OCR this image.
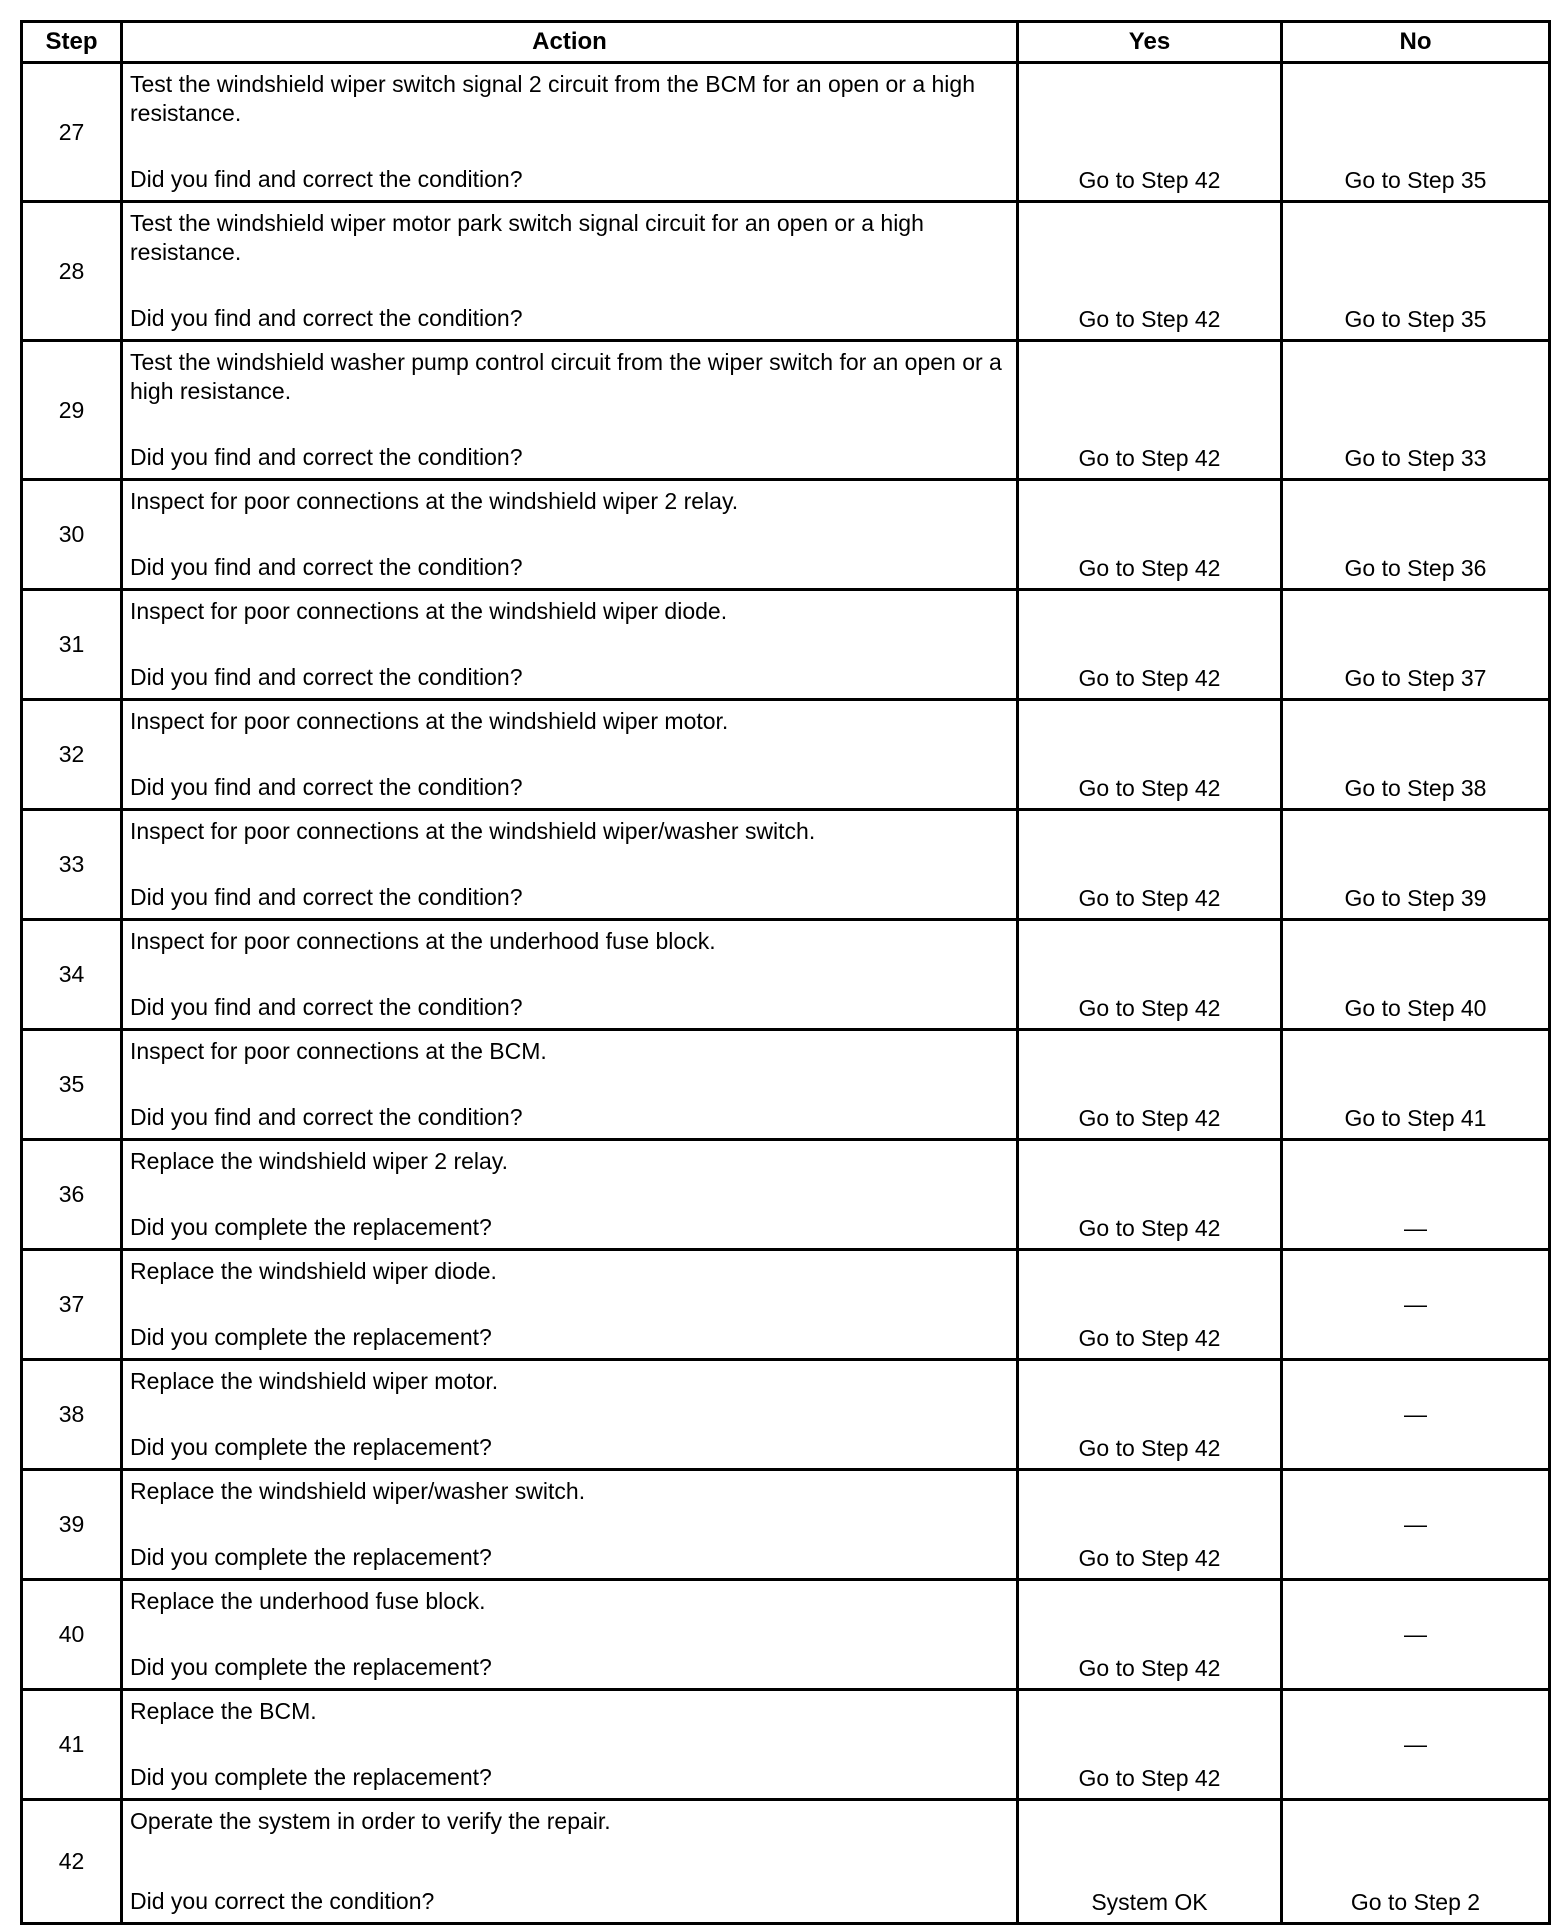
Step	Action	Yes	No
27	Test the windshield wiper switch signal 2 circuit from the BCM for an open or a high resistance.
Did you find and correct the condition?	Go to Step 42	Go to Step 35
28	Test the windshield wiper motor park switch signal circuit for an open or a high resistance.
Did you find and correct the condition?	Go to Step 42	Go to Step 35
29	Test the windshield washer pump control circuit from the wiper switch for an open or a high resistance.
Did you find and correct the condition?	Go to Step 42	Go to Step 33
30	Inspect for poor connections at the windshield wiper 2 relay.
Did you find and correct the condition?	Go to Step 42	Go to Step 36
31	Inspect for poor connections at the windshield wiper diode.
Did you find and correct the condition?	Go to Step 42	Go to Step 37
32	Inspect for poor connections at the windshield wiper motor.
Did you find and correct the condition?	Go to Step 42	Go to Step 38
33	Inspect for poor connections at the windshield wiper/washer switch.
Did you find and correct the condition?	Go to Step 42	Go to Step 39
34	Inspect for poor connections at the underhood fuse block.
Did you find and correct the condition?	Go to Step 42	Go to Step 40
35	Inspect for poor connections at the BCM.
Did you find and correct the condition?	Go to Step 42	Go to Step 41
36	Replace the windshield wiper 2 relay.
Did you complete the replacement?	Go to Step 42	—
37	Replace the windshield wiper diode.
Did you complete the replacement?	Go to Step 42	—
38	Replace the windshield wiper motor.
Did you complete the replacement?	Go to Step 42	—
39	Replace the windshield wiper/washer switch.
Did you complete the replacement?	Go to Step 42	—
40	Replace the underhood fuse block.
Did you complete the replacement?	Go to Step 42	—
41	Replace the BCM.
Did you complete the replacement?	Go to Step 42	—
42	Operate the system in order to verify the repair.
Did you correct the condition?	System OK	Go to Step 2
